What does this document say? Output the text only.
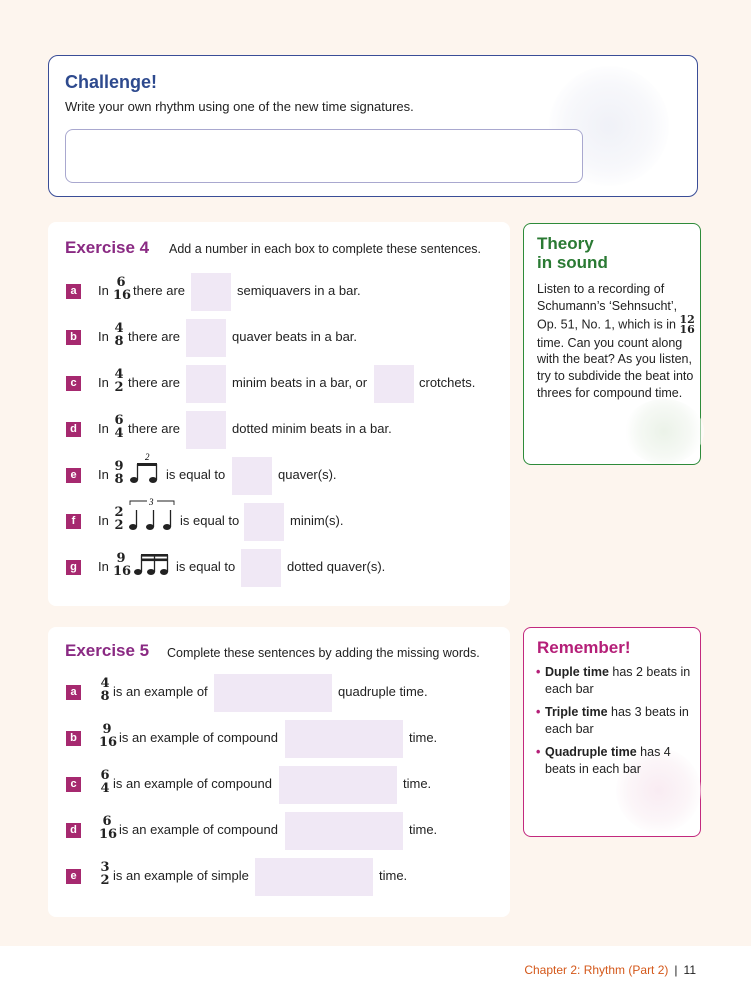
Challenge!

Write your own rhythm using one of the new time signatures.

Exercise 4 Add a number in each box to complete these sentences.
a	In
6
16 there are	semiquavers in a bar.
b	In
4
8 there are	quaver beats in a bar.
c	In
4
2 there are	minim beats in a bar, or	crotchets.
d	In
6
4 there are	dotted minim beats in a bar.
e	In
9
8
2
is equal to	quaver(s).
f	In
2
2
3
is equal to	minim(s).
g	In
9
16	is equal to	dotted quaver(s).
Theory
in sound

Listen to a recording of Schumann’s ‘Sehnsucht’, Op. 51, No. 1, which is in 12
16
time. Can you count along with the beat? As you listen, try to subdivide the beat into threes for compound time.

Exercise 5 Complete these sentences by adding the missing words.
a
4
8 is an example of	quadruple time.
b
9
16 is an example of compound	time.
c
6
4 is an example of compound	time.
d
6
16 is an example of compound	time.
e
3
2 is an example of simple	time.
Remember!
• Duple time has 2 beats in each bar
• Triple time has 3 beats in each bar
• Quadruple time has 4 beats in each bar
Chapter 2: Rhythm (Part 2) | 11
